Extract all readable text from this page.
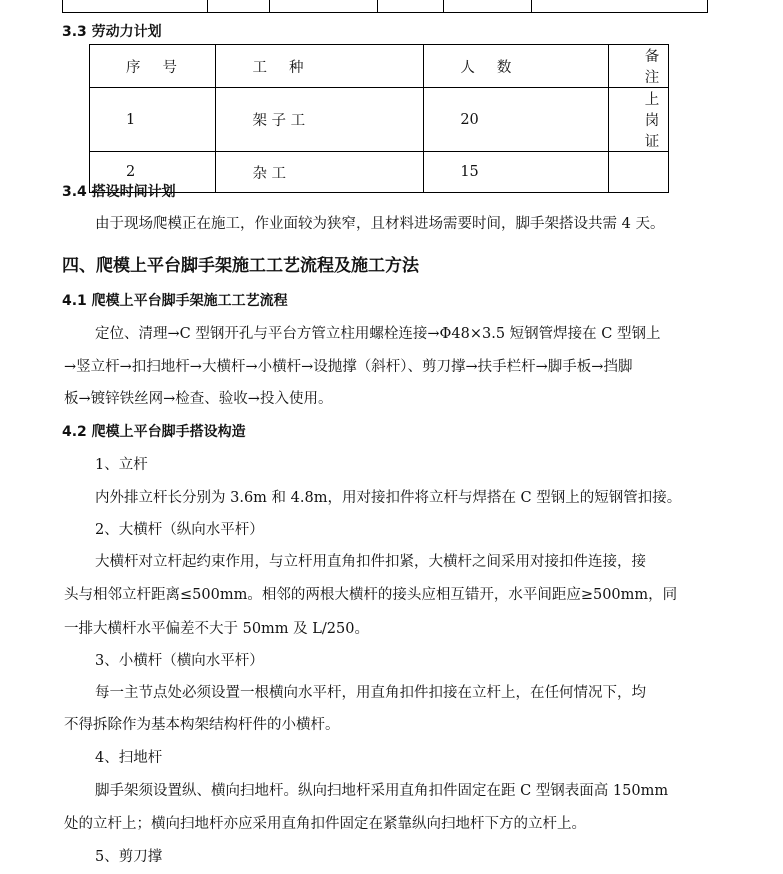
3.3 劳动力计划
序 号	工 种	人 数	备 注
1	架 子 工	20	上 岗 证
2	杂 工	15	
3.4 搭设时间计划
由于现场爬模正在施工，作业面较为狭窄，且材料进场需要时间，脚手架搭设共需 4 天。
四、爬模上平台脚手架施工工艺流程及施工方法
4.1 爬模上平台脚手架施工工艺流程
定位、清理→C 型钢开孔与平台方管立柱用螺栓连接→Φ48×3.5 短钢管焊接在 C 型钢上
→竖立杆→扣扫地杆→大横杆→小横杆→设抛撑（斜杆）、剪刀撑→扶手栏杆→脚手板→挡脚
板→镀锌铁丝网→检查、验收→投入使用。
4.2 爬模上平台脚手搭设构造
1、立杆
内外排立杆长分别为 3.6m 和 4.8m，用对接扣件将立杆与焊搭在 C 型钢上的短钢管扣接。
2、大横杆（纵向水平杆）
大横杆对立杆起约束作用，与立杆用直角扣件扣紧，大横杆之间采用对接扣件连接，接
头与相邻立杆距离≤500mm。相邻的两根大横杆的接头应相互错开，水平间距应≥500mm，同
一排大横杆水平偏差不大于 50mm 及 L/250。
3、小横杆（横向水平杆）
每一主节点处必须设置一根横向水平杆，用直角扣件扣接在立杆上，在任何情况下，均
不得拆除作为基本构架结构杆件的小横杆。
4、扫地杆
脚手架须设置纵、横向扫地杆。纵向扫地杆采用直角扣件固定在距 C 型钢表面高 150mm
处的立杆上；横向扫地杆亦应采用直角扣件固定在紧靠纵向扫地杆下方的立杆上。
5、剪刀撑
